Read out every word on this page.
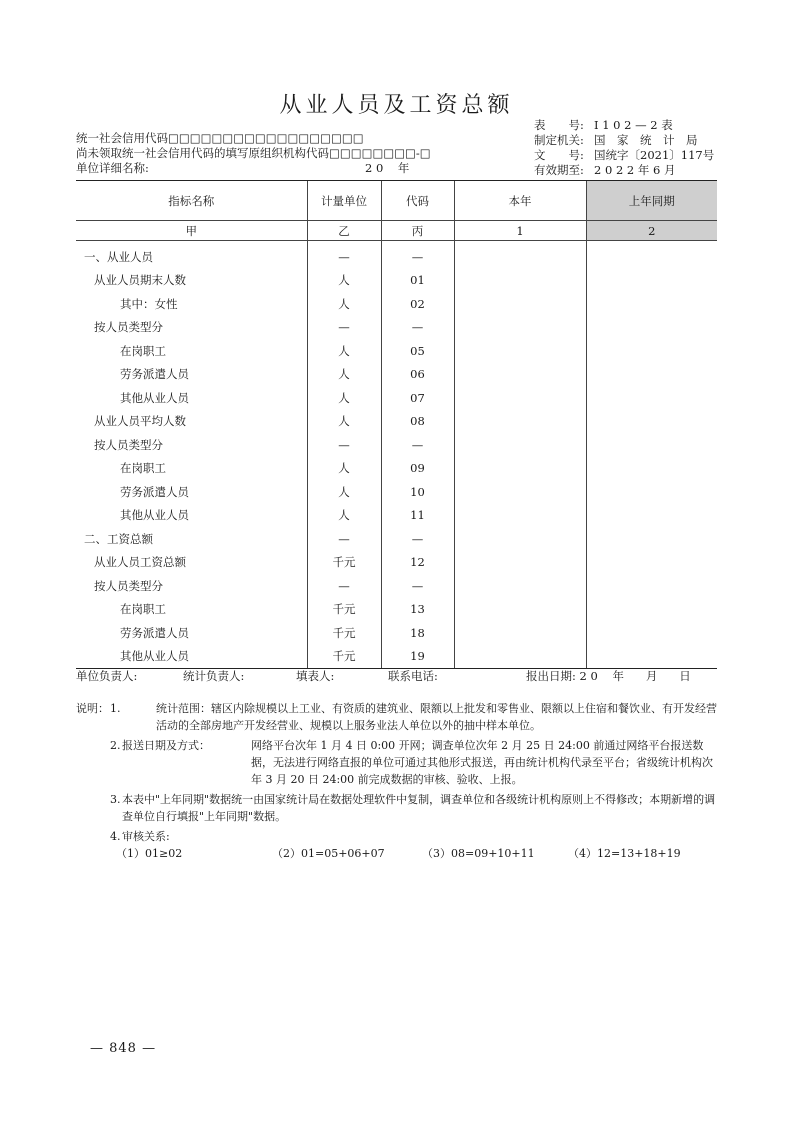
从业人员及工资总额
统一社会信用代码□□□□□□□□□□□□□□□□□□
尚未领取统一社会信用代码的填写原组织机构代码□□□□□□□□-□
单位详细名称:	2 0    年
表　　号: I 1 0 2 — 2 表
制定机关: 国　家　统　计　局
文　　号: 国统字〔2021〕117号
有效期至: 2 0 2 2 年 6 月
指标名称	计量单位	代码	本年	上年同期
甲	乙	丙	1	2
一、从业人员	—	—		
从业人员期末人数	人	01		
其中：女性	人	02		
按人员类型分	—	—		
在岗职工	人	05		
劳务派遣人员	人	06		
其他从业人员	人	07		
从业人员平均人数	人	08		
按人员类型分	—	—		
在岗职工	人	09		
劳务派遣人员	人	10		
其他从业人员	人	11		
二、工资总额	—	—		
从业人员工资总额	千元	12		
按人员类型分	—	—		
在岗职工	千元	13		
劳务派遣人员	千元	18		
其他从业人员	千元	19		
单位负责人:	统计负责人:	填表人:	联系电话:	报出日期: 2 0    年      月      日
说明： 1.	统计范围：辖区内除规模以上工业、有资质的建筑业、限额以上批发和零售业、限额以上住宿和餐饮业、有开发经营活动的全部房地产开发经营业、规模以上服务业法人单位以外的抽中样本单位。
2. 报送日期及方式：	网络平台次年 1 月 4 日 0:00 开网；调查单位次年 2 月 25 日 24:00 前通过网络平台报送数据，无法进行网络直报的单位可通过其他形式报送，再由统计机构代录至平台；省级统计机构次年 3 月 20 日 24:00 前完成数据的审核、验收、上报。
3. 本表中"上年同期"数据统一由国家统计局在数据处理软件中复制，调查单位和各级统计机构原则上不得修改；本期新增的调查单位自行填报"上年同期"数据。
4. 审核关系:
（1）01≥02	（2）01=05+06+07	（3）08=09+10+11	（4）12=13+18+19
— 848 —
